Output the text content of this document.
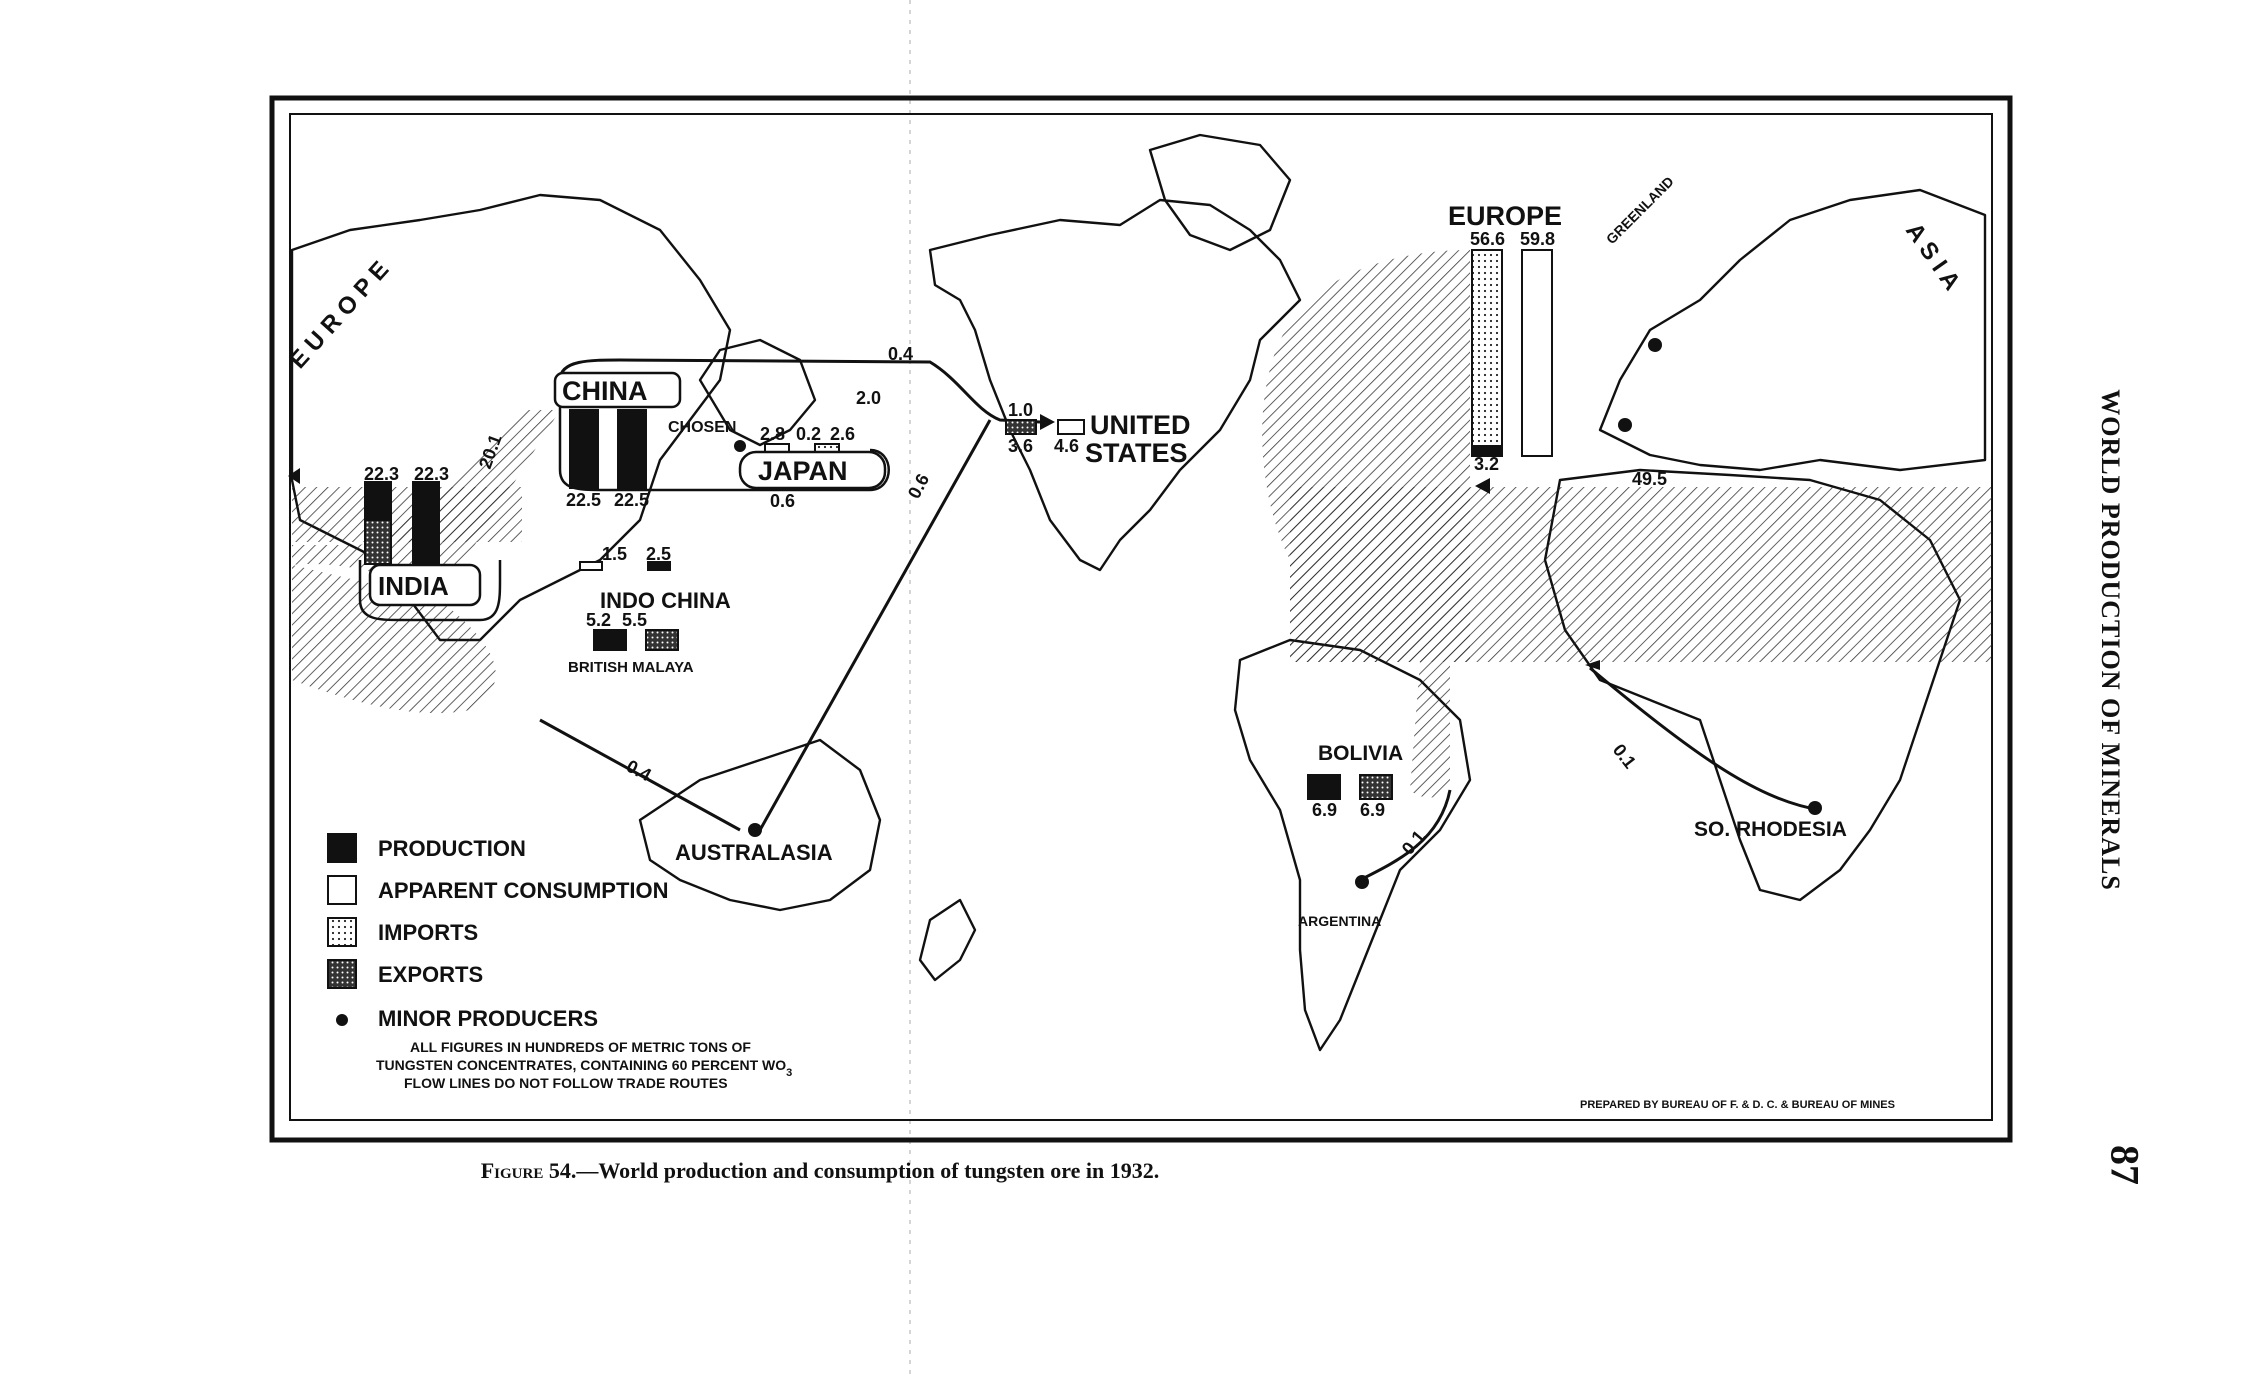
E U R O P E
CHINA
CHOSEN
JAPAN
INDIA	INDO CHINA
BRITISH MALAYA
AUSTRALASIA
UNITED
STATES
EUROPE	GREENLAND
A S I A
BOLIVIA
ARGENTINA
SO. RHODESIA
22.3 22.3
22.5 22.5
2.8 0.2 2.6
2.0
1.5 2.5
5.2 5.5
1.0
3.6 4.6
56.6 59.8
3.2
6.9 6.9
20.1
0.4
0.6	0.6
0.4
49.5
0.1
0.1
PRODUCTION
APPARENT CONSUMPTION
IMPORTS
EXPORTS
MINOR PRODUCERS
ALL FIGURES IN HUNDREDS OF METRIC TONS OF
TUNGSTEN CONCENTRATES, CONTAINING 60 PERCENT $WO_3$
FLOW LINES DO NOT FOLLOW TRADE ROUTES
PREPARED BY BUREAU OF F. & D. C. & BUREAU OF MINES
Figure 54.—World production and consumption of tungsten ore in 1932.
WORLD PRODUCTION OF MINERALS
87
